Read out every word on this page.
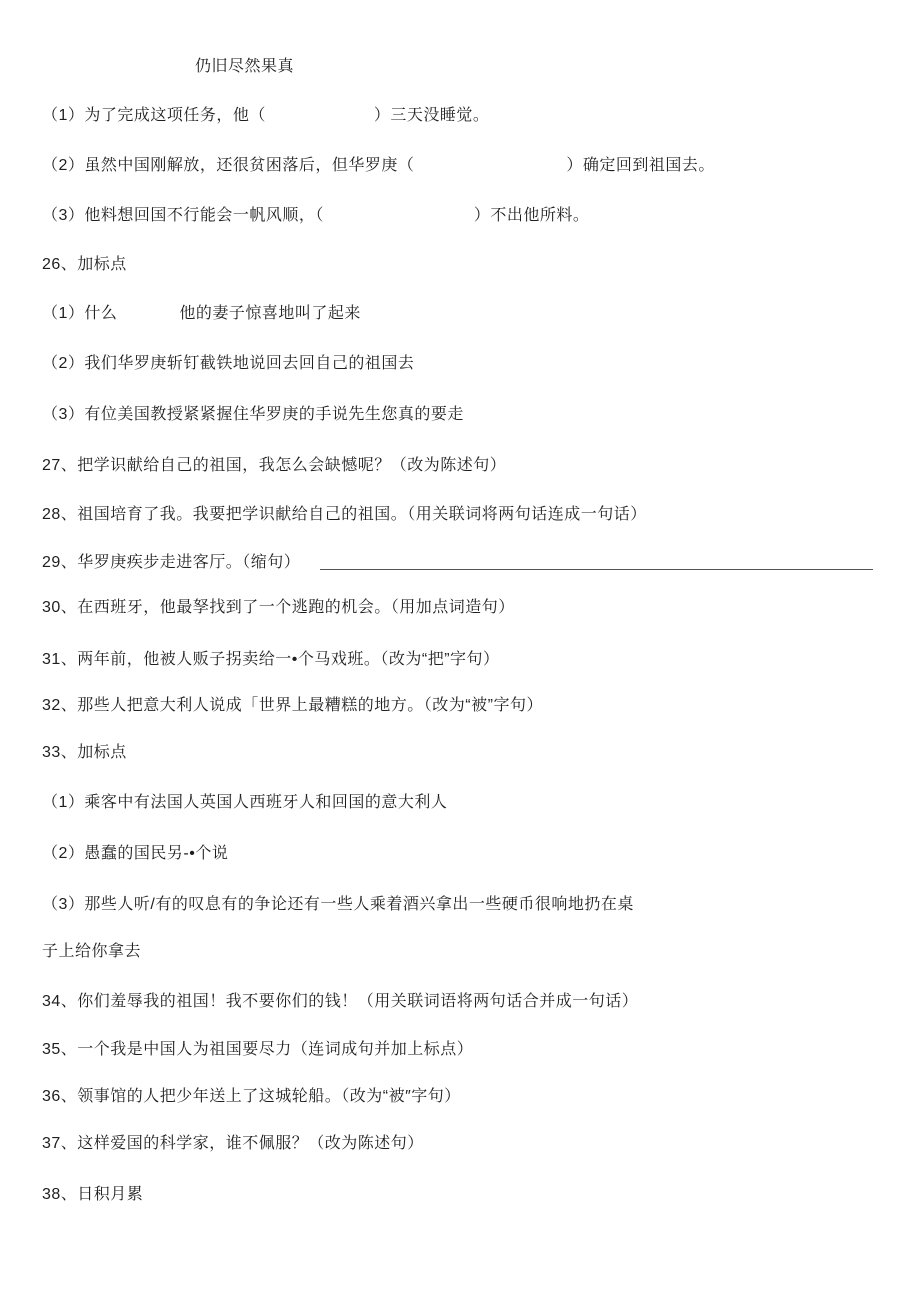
仍旧尽然果真
（1）为了完成这项任务，他（	）三天没睡觉。
（2）虽然中国刚解放，还很贫困落后，但华罗庚（	）确定回到祖国去。
（3）他料想回国不行能会一帆风顺，（	）不出他所料。
26、加标点
（1）什么	他的妻子惊喜地叫了起来
（2）我们华罗庚斩钉截铁地说回去回自己的祖国去
（3）有位美国教授紧紧握住华罗庚的手说先生您真的要走
27、把学识献给自己的祖国，我怎么会缺憾呢？（改为陈述句）
28、祖国培育了我。我要把学识献给自己的祖国。（用关联词将两句话连成一句话）
29、华罗庚疾步走进客厅。（缩句）
30、在西班牙，他最孥找到了一个逃跑的机会。（用加点词造句）
31、两年前，他被人贩子拐卖给一•个马戏班。（改为“把”字句）
32、那些人把意大利人说成「世界上最糟糕的地方。（改为“被”字句）
33、加标点
（1）乘客中有法国人英国人西班牙人和回国的意大利人
（2）愚蠢的国民另-•个说
（3）那些人听/有的叹息有的争论还有一些人乘着酒兴拿出一些硬币很响地扔在桌
子上给你拿去
34、你们羞辱我的祖国！我不要你们的钱！（用关联词语将两句话合并成一句话）
35、一个我是中国人为祖国要尽力（连词成句并加上标点）
36、领事馆的人把少年送上了这城轮船。（改为“被″字句）
37、这样爱国的科学家，谁不佩服？（改为陈述句）
38、日积月累
